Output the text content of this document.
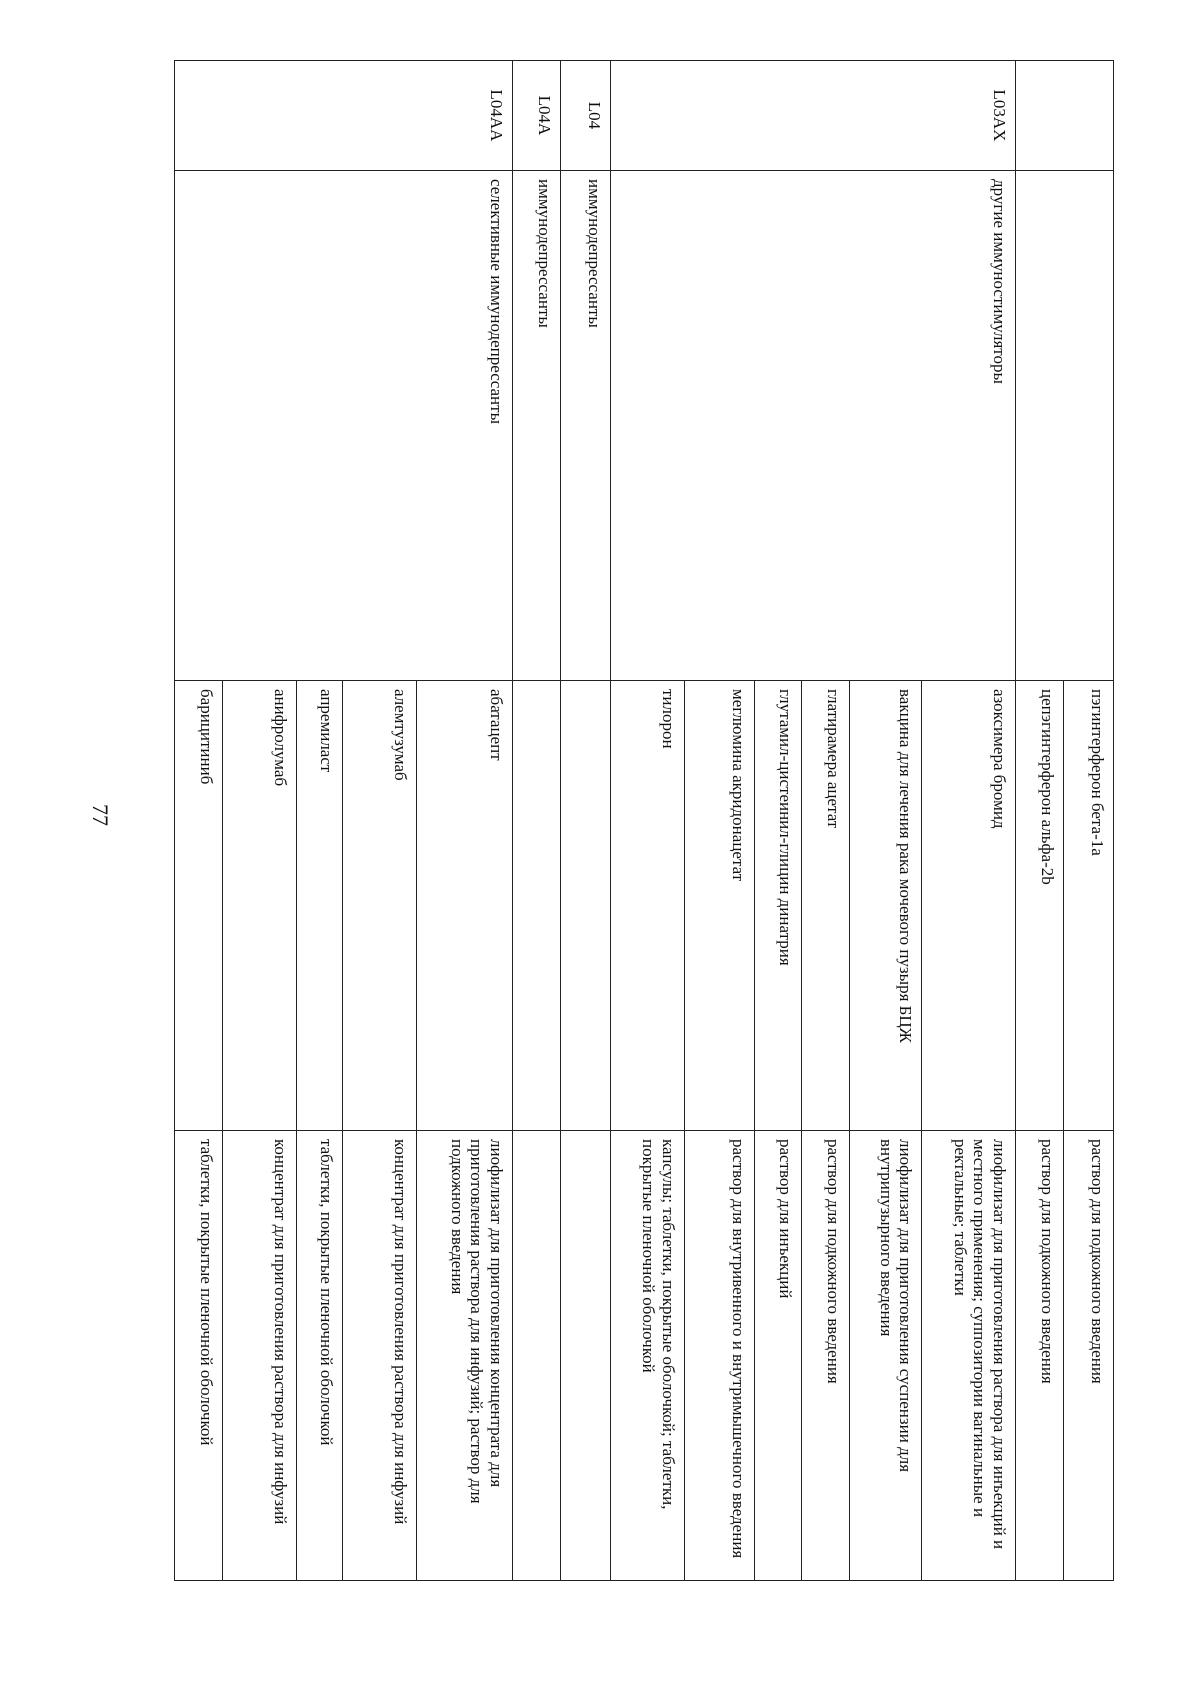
77
			пэгинтерферон бета-1а	раствор для подкожного введения
		цепэгинтерферон альфа-2b	раствор для подкожного введения
L03AX	другие иммуностимуляторы	азоксимера бромид	лиофилизат для приготовления раствора для инъекций и местного применения; суппозитории вагинальные и ректальные; таблетки
		вакцина для лечения рака мочевого пузыря БЦЖ	лиофилизат для приготовления суспензии для внутрипузырного введения
		глатирамера ацетат	раствор для подкожного введения
		глутамил-цистеинил-глицин динатрия	раствор для инъекций
		меглюмина акридонацетат	раствор для внутривенного и внутримышечного введения
		тилорон	капсулы; таблетки, покрытые оболочкой; таблетки, покрытые пленочной оболочкой
L04	иммунодепрессанты		
L04A	иммунодепрессанты		
L04AA	селективные иммунодепрессанты	абатацепт	лиофилизат для приготовления концентрата для приготовления раствора для инфузий; раствор для подкожного введения
		алемтузумаб	концентрат для приготовления раствора для инфузий
		апремиласт	таблетки, покрытые пленочной оболочкой
		анифролумаб	концентрат для приготовления раствора для инфузий
		барицитиниб	таблетки, покрытые пленочной оболочкой
